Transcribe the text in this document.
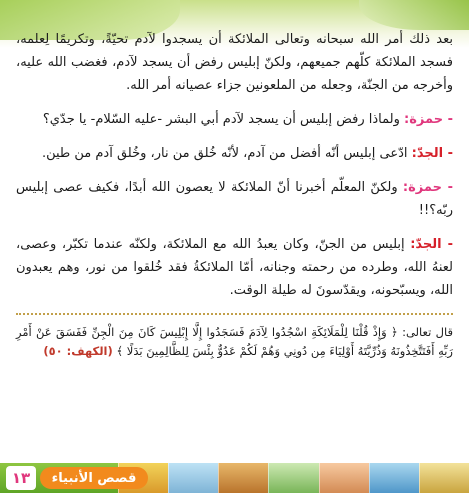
بعد ذلك أمر الله سبحانه وتعالى الملائكة أن يسجدوا لآدم تحيّةً، وتكريمًا لِعلمه، فسجد الملائكة كلّهم جميعهم، ولكنّ إبليس رفض أن يسجد لآدم، فغضب الله عليه، وأخرجه من الجنّة، وجعله من الملعونين جزاء عصيانه أمر الله.

- حمزة: ولماذا رفض إبليس أن يسجد لآدم أبي البشر -عليه السّلام- يا جدّي؟

- الجدّ: ادّعى إبليس أنّه أفضل من آدم، لأنّه خُلق من نار، وخُلق آدم من طين.

- حمزة: ولكنّ المعلّم أخبرنا أنّ الملائكة لا يعصون الله أبدًا، فكيف عصى إبليس ربّه؟!!

- الجدّ: إبليس من الجنّ، وكان يعبدُ الله مع الملائكة، ولكنّه عندما تكبّر، وعصى، لعنهُ الله، وطرده من رحمته وجنانه، أمّا الملائكةُ فقد خُلقوا من نور، وهم يعبدون الله، ويسبّحونه، ويقدّسونَ له طيلة الوقت.

قال تعالى: ﴿ وَإِذْ قُلْنَا لِلْمَلَائِكَةِ اسْجُدُوا لِآدَمَ فَسَجَدُوا إِلَّا إِبْلِيسَ كَانَ مِنَ الْجِنِّ فَفَسَقَ عَنْ أَمْرِ رَبِّهِ أَفَتَتَّخِذُونَهُ وَذُرِّيَّتَهُ أَوْلِيَاءَ مِن دُونِي وَهُمْ لَكُمْ عَدُوٌّ بِئْسَ لِلظَّالِمِينَ بَدَلًا ﴾ (الكهف: ٥٠)
قصص الأنبياء
١٣
